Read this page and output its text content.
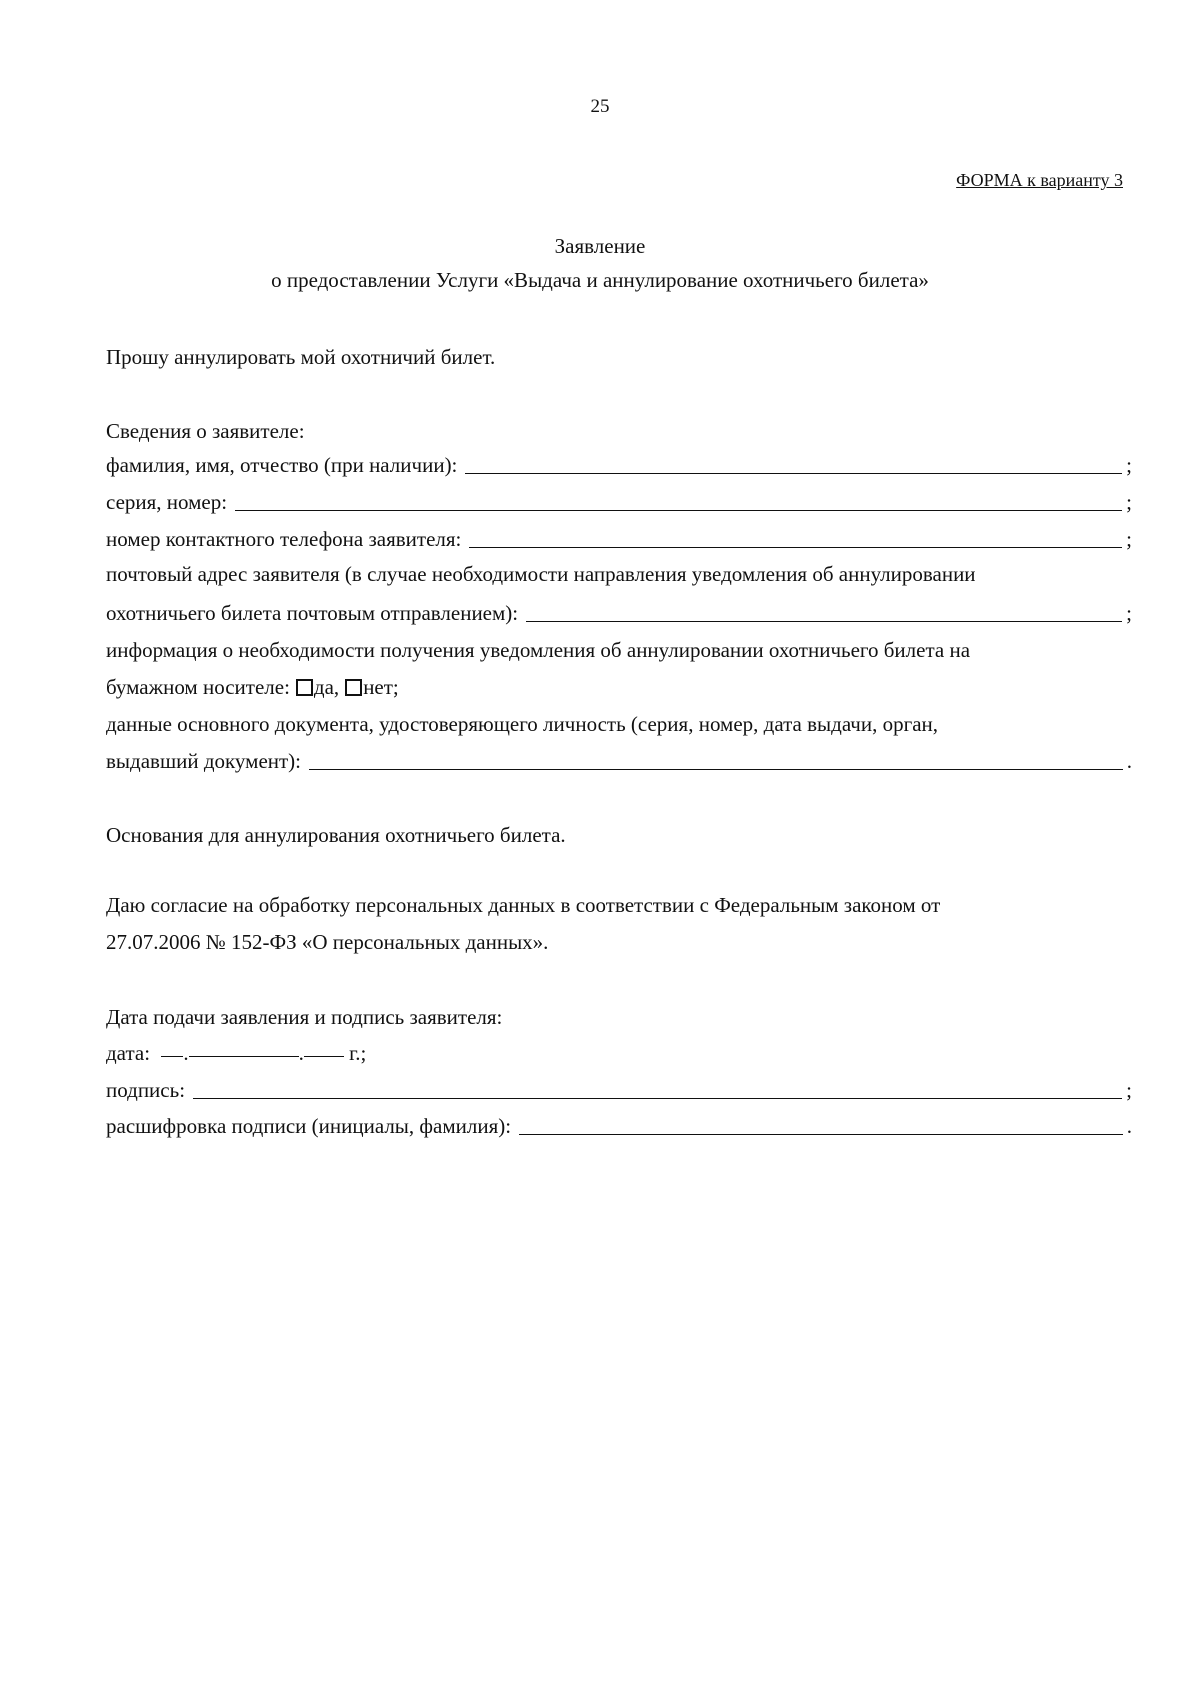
25
ФОРМА к варианту 3
Заявление
о предоставлении Услуги «Выдача и аннулирование охотничьего билета»
Прошу аннулировать мой охотничий билет.
Сведения о заявителе:
фамилия, имя, отчество (при наличии):	;
серия, номер:	;
номер контактного телефона заявителя:	;
почтовый адрес заявителя (в случае необходимости направления уведомления об аннулировании
охотничьего билета почтовым отправлением):	;
информация о необходимости получения уведомления об аннулировании охотничьего билета на
бумажном носителе: да, нет;
данные основного документа, удостоверяющего личность (серия, номер, дата выдачи, орган,
выдавший документ):	.
Основания для аннулирования охотничьего билета.
Даю согласие на обработку персональных данных в соответствии с Федеральным законом от
27.07.2006 № 152-ФЗ «О персональных данных».
Дата подачи заявления и подпись заявителя:
дата: .	. г.;
подпись:	;
расшифровка подписи (инициалы, фамилия):	.
